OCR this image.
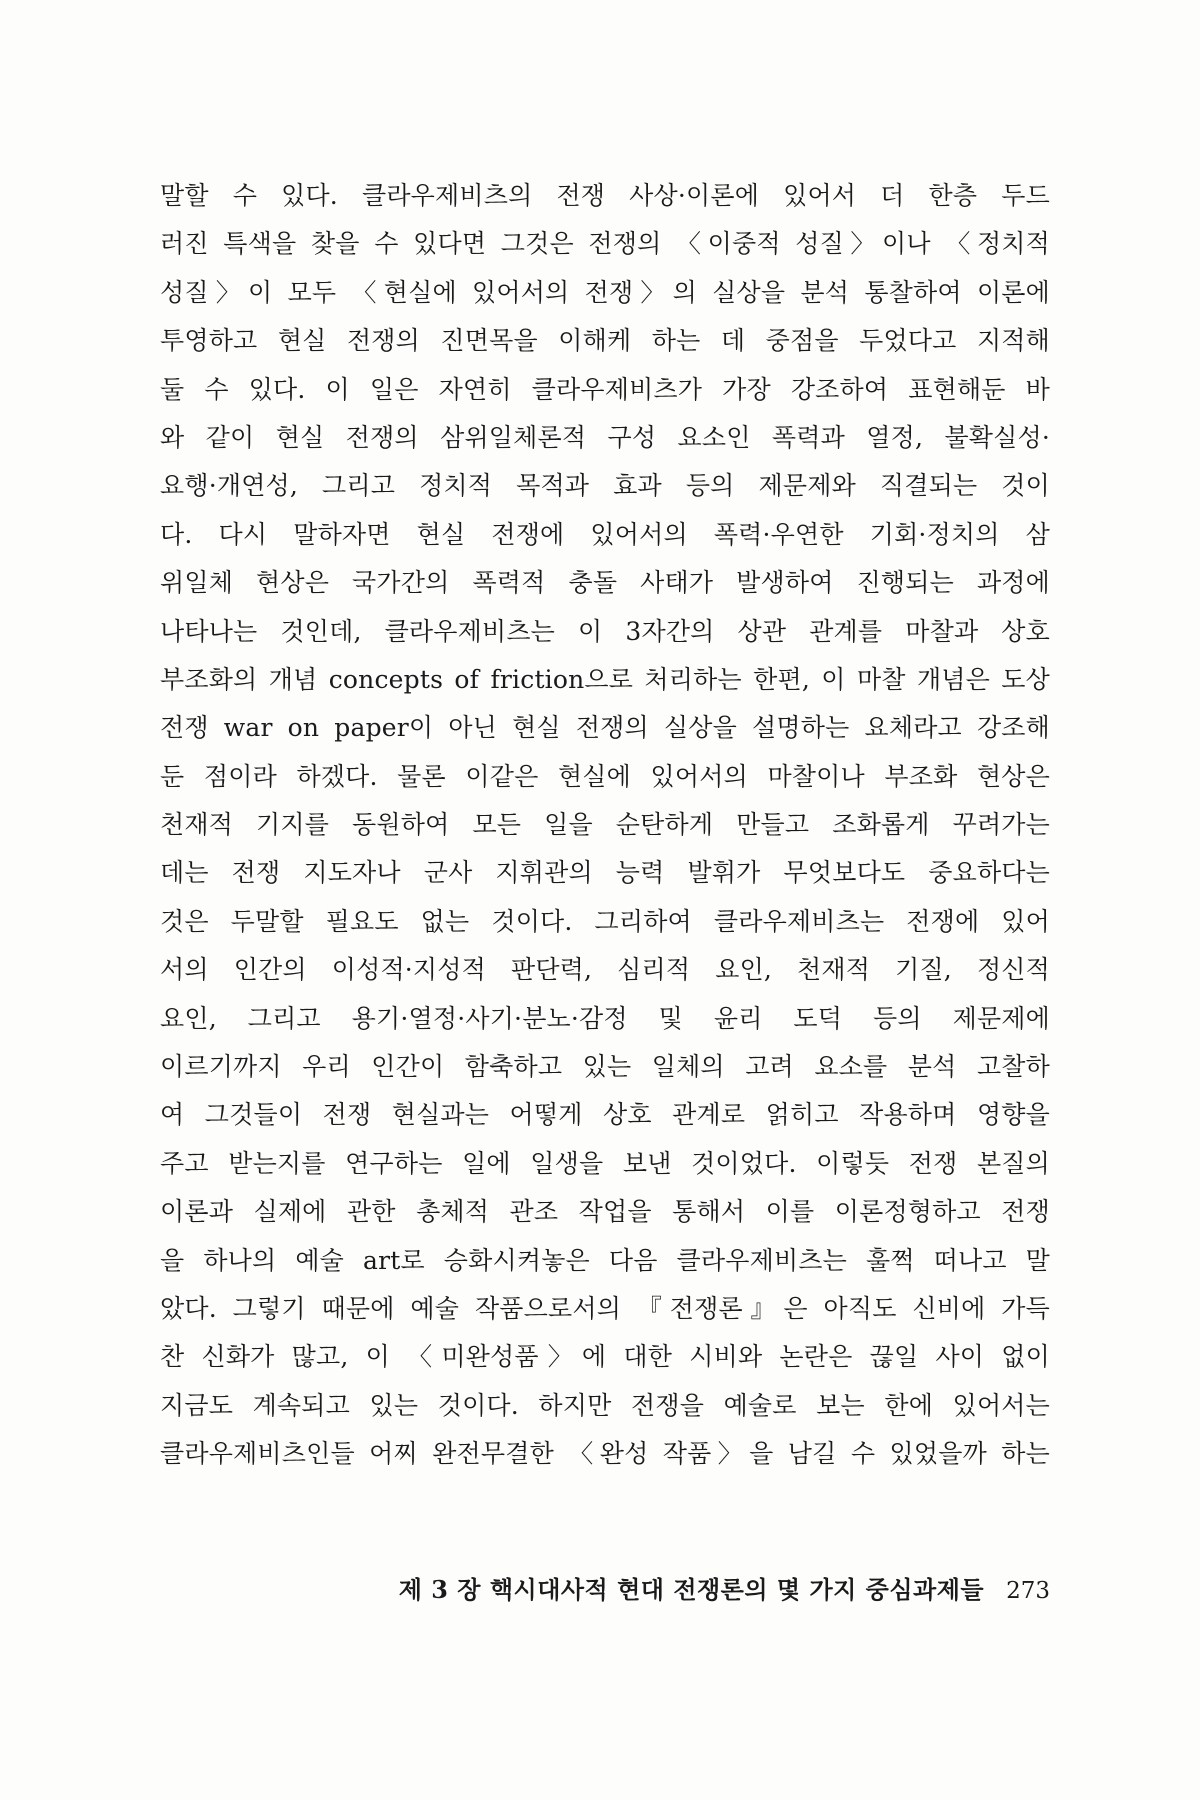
말할 수 있다. 클라우제비츠의 전쟁 사상·이론에 있어서 더 한층 두드
러진 특색을 찾을 수 있다면 그것은 전쟁의 〈이중적 성질〉이나 〈정치적
성질〉이 모두 〈현실에 있어서의 전쟁〉의 실상을 분석 통찰하여 이론에
투영하고 현실 전쟁의 진면목을 이해케 하는 데 중점을 두었다고 지적해
둘 수 있다. 이 일은 자연히 클라우제비츠가 가장 강조하여 표현해둔 바
와 같이 현실 전쟁의 삼위일체론적 구성 요소인 폭력과 열정, 불확실성·
요행·개연성, 그리고 정치적 목적과 효과 등의 제문제와 직결되는 것이
다. 다시 말하자면 현실 전쟁에 있어서의 폭력·우연한 기회·정치의 삼
위일체 현상은 국가간의 폭력적 충돌 사태가 발생하여 진행되는 과정에
나타나는 것인데, 클라우제비츠는 이 3자간의 상관 관계를 마찰과 상호
부조화의 개념 concepts of friction으로 처리하는 한편, 이 마찰 개념은 도상
전쟁 war on paper이 아닌 현실 전쟁의 실상을 설명하는 요체라고 강조해
둔 점이라 하겠다. 물론 이같은 현실에 있어서의 마찰이나 부조화 현상은
천재적 기지를 동원하여 모든 일을 순탄하게 만들고 조화롭게 꾸려가는
데는 전쟁 지도자나 군사 지휘관의 능력 발휘가 무엇보다도 중요하다는
것은 두말할 필요도 없는 것이다. 그리하여 클라우제비츠는 전쟁에 있어
서의 인간의 이성적·지성적 판단력, 심리적 요인, 천재적 기질, 정신적
요인, 그리고 용기·열정·사기·분노·감정 및 윤리 도덕 등의 제문제에
이르기까지 우리 인간이 함축하고 있는 일체의 고려 요소를 분석 고찰하
여 그것들이 전쟁 현실과는 어떻게 상호 관계로 얽히고 작용하며 영향을
주고 받는지를 연구하는 일에 일생을 보낸 것이었다. 이렇듯 전쟁 본질의
이론과 실제에 관한 총체적 관조 작업을 통해서 이를 이론정형하고 전쟁
을 하나의 예술 art로 승화시켜놓은 다음 클라우제비츠는 훌쩍 떠나고 말
았다. 그렇기 때문에 예술 작품으로서의 『전쟁론』은 아직도 신비에 가득
찬 신화가 많고, 이 〈미완성품〉에 대한 시비와 논란은 끊일 사이 없이
지금도 계속되고 있는 것이다. 하지만 전쟁을 예술로 보는 한에 있어서는
클라우제비츠인들 어찌 완전무결한 〈완성 작품〉을 남길 수 있었을까 하는
제 3 장 핵시대사적 현대 전쟁론의 몇 가지 중심과제들 273
